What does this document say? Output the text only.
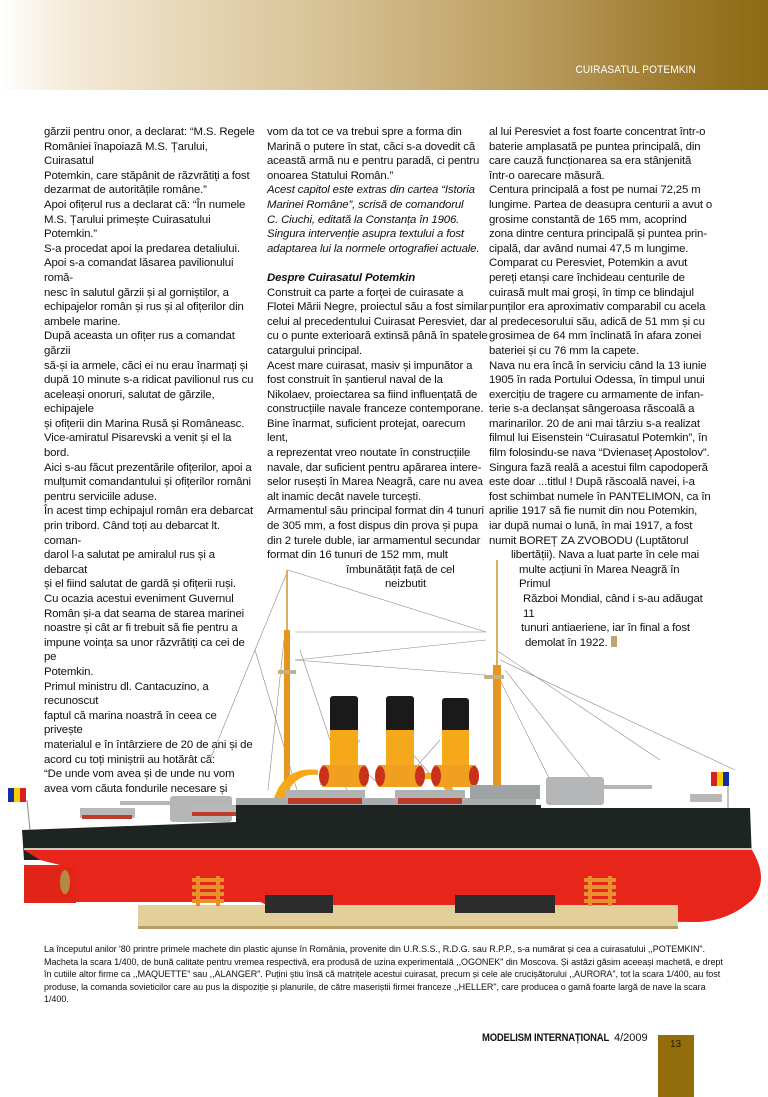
CUIRASATUL POTEMKIN

gărzii pentru onor, a declarat: “M.S. Regele

României înapoiază M.S. Țarului, Cuirasatul

Potemkin, care stăpânit de răzvrătiți a fost

dezarmat de autoritățile române.”

Apoi ofițerul rus a declarat că: “În numele

M.S. Țarului primește Cuirasatului Potemkin.”

S-a procedat apoi la predarea detaliului.

Apoi s-a comandat lăsarea pavilionului romă-

nesc în salutul gărzii și al gorniștilor, a

echipajelor român și rus și al ofițerilor din

ambele marine.

După aceasta un ofițer rus a comandat gărzii

să-și ia armele, căci ei nu erau înarmați și

după 10 minute s-a ridicat pavilionul rus cu

aceleași onoruri, salutat de gărzile, echipajele

și ofițerii din Marina Rusă și Româneasc.

Vice-amiratul Pisarevski a venit și el la bord.

Aici s-au făcut prezentările ofițerilor, apoi a

mulțumit comandantului și ofițerilor români

pentru serviciile aduse.

În acest timp echipajul român era debarcat

prin tribord. Când toți au debarcat lt. coman-

darol l-a salutat pe amiralul rus și a debarcat

și el fiind salutat de gardă și ofițerii ruși.

Cu ocazia acestui eveniment Guvernul

Român și-a dat seama de starea marinei

noastre și cât ar fi trebuit să fie pentru a

impune voința sa unor răzvrătiți ca cei de pe

Potemkin.

Primul ministru dl. Cantacuzino, a recunoscut

faptul că marina noastră în ceea ce privește

materialul e în întârziere de 20 de ani și de

acord cu toți miniștrii au hotărât că:

“De unde vom avea și de unde nu vom

avea vom căuta fondurile necesare și

vom da tot ce va trebui spre a forma din

Marină o putere în stat, căci s-a dovedit că

această armă nu e pentru paradă, ci pentru

onoarea Statului Român.”

Acest capitol este extras din cartea “Istoria

Marinei Române”, scrisă de comandorul

C. Ciuchi, editată la Constanța în 1906.

Singura intervenție asupra textului a fost

adaptarea lui la normele ortografiei actuale.

Despre Cuirasatul Potemkin

Construit ca parte a forței de cuirasate a

Flotei Mării Negre, proiectul său a fost similar

celui al precedentului Cuirasat Peresviet, dar

cu o punte exterioară extinsă până în spatele

catargului principal.

Acest mare cuirasat, masiv și impunător a

fost construit în șantierul naval de la

Nikolaev, proiectarea sa fiind influențată de

construcțiile navale franceze contemporane.

Bine înarmat, suficient protejat, oarecum lent,

a reprezentat vreo noutate în construcțiile

navale, dar suficient pentru apărarea intere-

selor rusești în Marea Neagră, care nu avea

alt inamic decât navele turcești.

Armamentul său principal format din 4 tunuri

de 305 mm, a fost dispus din prova și pupa

din 2 turele duble, iar armamentul secundar

format din 16 tunuri de 152 mm, mult

îmbunătățit față de cel

neizbutit

al lui Peresviet a fost foarte concentrat într-o

baterie amplasată pe puntea principală, din

care cauză funcționarea sa era stânjenită

într-o oarecare măsură.

Centura principală a fost pe numai 72,25 m

lungime. Partea de deasupra centurii a avut o

grosime constantă de 165 mm, acoprind

zona dintre centura principală și puntea prin-

cipală, dar având numai 47,5 m lungime.

Comparat cu Peresviet, Potemkin a avut

pereți etanși care închideau centurile de

cuirasă mult mai groși, în timp ce blindajul

punților era aproximativ comparabil cu acela

al predecesorului său, adică de 51 mm și cu

grosimea de 64 mm înclinată în afara zonei

bateriei și cu 76 mm la capete.

Nava nu era încă în serviciu când la 13 iunie

1905 în rada Portului Odessa, în timpul unui

exercițiu de tragere cu armamente de infan-

terie s-a declanșat sângeroasa răscoală a

marinarilor. 20 de ani mai târziu s-a realizat

filmul lui Eisenstein “Cuirasatul Potemkin”, în

film folosindu-se nava “Dvienaseț Apostolov”.

Singura fază reală a acestui film capodoperă

este doar ...titlul ! După răscoală navei, i-a

fost schimbat numele în PANTELIMON, ca în

aprilie 1917 să fie numit din nou Potemkin,

iar după numai o lună, în mai 1917, a fost

numit BOREȚ ZA ZVOBODU (Luptătorul

libertății). Nava a luat parte în cele mai

multe acțiuni în Marea Neagră în Primul

Război Mondial, când i s-au adăugat 11

tunuri antiaeriene, iar în final a fost

demolat în 1922.

La începutul anilor '80 printre primele machete din plastic ajunse în România, provenite din U.R.S.S., R.D.G. sau R.P.P., s-a numărat și cea a cuirasatului ,,POTEMKIN". Macheta la scara 1/400, de bună calitate pentru vremea respectivă, era produsă de uzina experimentală ,,OGONEK" din Moscova. Și astăzi găsim aceeași machetă, e drept în cutiile altor firme ca ,,MAQUETTE" sau ,,ALANGER". Puțini știu însă că matrițele acestui cuirasat, precum și cele ale crucișătorului ,,AURORA", tot la scara 1/400, au fost produse, la comanda sovieticilor care au pus la dispoziție și planurile, de către maseriștii firmei franceze ,,HELLER", care producea o gamă foarte largă de nave la scara 1/400.
MODELISM INTERNAȚIONAL 4/2009
13
